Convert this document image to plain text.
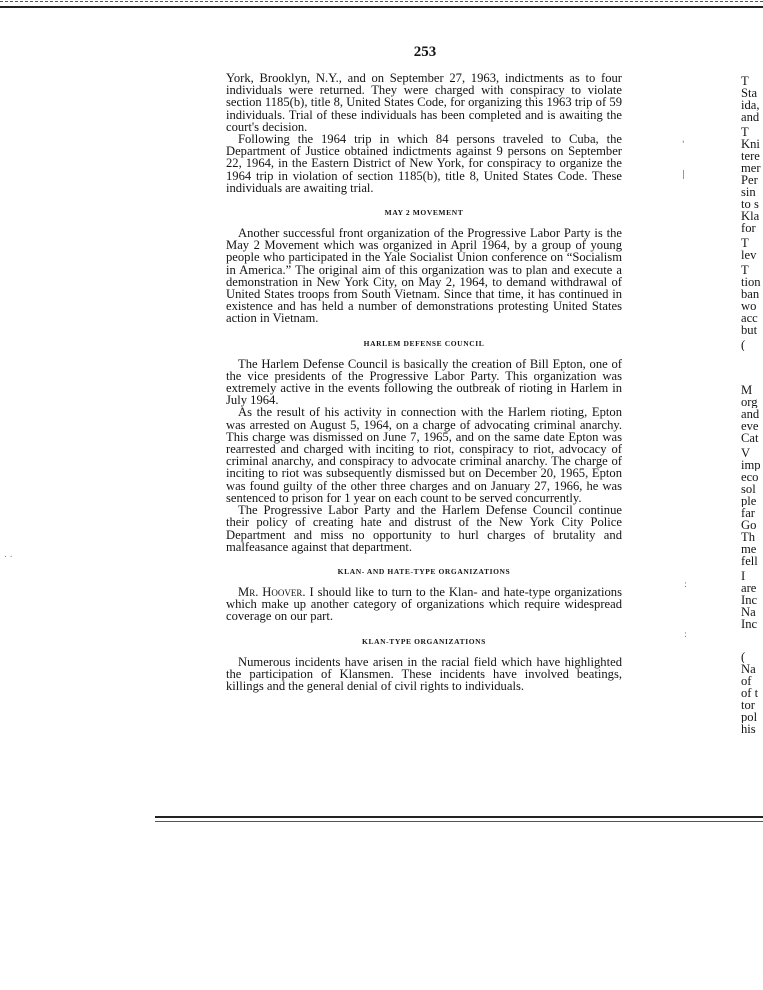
253

York, Brooklyn, N.Y., and on September 27, 1963, indictments as to four individuals were returned. They were charged with conspiracy to violate section 1185(b), title 8, United States Code, for organizing this 1963 trip of 59 individuals. Trial of these individuals has been completed and is awaiting the court's decision.

Following the 1964 trip in which 84 persons traveled to Cuba, the Department of Justice obtained indictments against 9 persons on September 22, 1964, in the Eastern District of New York, for conspiracy to organize the 1964 trip in violation of section 1185(b), title 8, United States Code. These individuals are awaiting trial.

MAY 2 MOVEMENT

Another successful front organization of the Progressive Labor Party is the May 2 Movement which was organized in April 1964, by a group of young people who participated in the Yale Socialist Union conference on “Socialism in America.” The original aim of this organization was to plan and execute a demonstration in New York City, on May 2, 1964, to demand withdrawal of United States troops from South Vietnam. Since that time, it has continued in existence and has held a number of demonstrations protesting United States action in Vietnam.

HARLEM DEFENSE COUNCIL

The Harlem Defense Council is basically the creation of Bill Epton, one of the vice presidents of the Progressive Labor Party. This organization was extremely active in the events following the outbreak of rioting in Harlem in July 1964.

As the result of his activity in connection with the Harlem rioting, Epton was arrested on August 5, 1964, on a charge of advocating criminal anarchy. This charge was dismissed on June 7, 1965, and on the same date Epton was rearrested and charged with inciting to riot, conspiracy to riot, advocacy of criminal anarchy, and conspiracy to advocate criminal anarchy. The charge of inciting to riot was subsequently dismissed but on December 20, 1965, Epton was found guilty of the other three charges and on January 27, 1966, he was sentenced to prison for 1 year on each count to be served concurrently.

The Progressive Labor Party and the Harlem Defense Council continue their policy of creating hate and distrust of the New York City Police Department and miss no opportunity to hurl charges of brutality and malfeasance against that department.

KLAN- AND HATE-TYPE ORGANIZATIONS

Mr. Hoover. I should like to turn to the Klan- and hate-type organizations which make up another category of organizations which require widespread coverage on our part.

KLAN-TYPE ORGANIZATIONS

Numerous incidents have arisen in the racial field which have highlighted the participation of Klansmen. These incidents have involved beatings, killings and the general denial of civil rights to individuals.

T
Sta
ida,
and
T
Kni
tere
mer
Per
sin
to s
Kla
for
T
lev
T
tion
ban
wo
acc
but
(
M
org
and
eve
Cat
V
imp
eco
sol
ple
far
Go
Th
me
fell
I
are
Inc
Na
Inc
(
Na
of
of t
tor
pol
his
'
|
:
:
. .
